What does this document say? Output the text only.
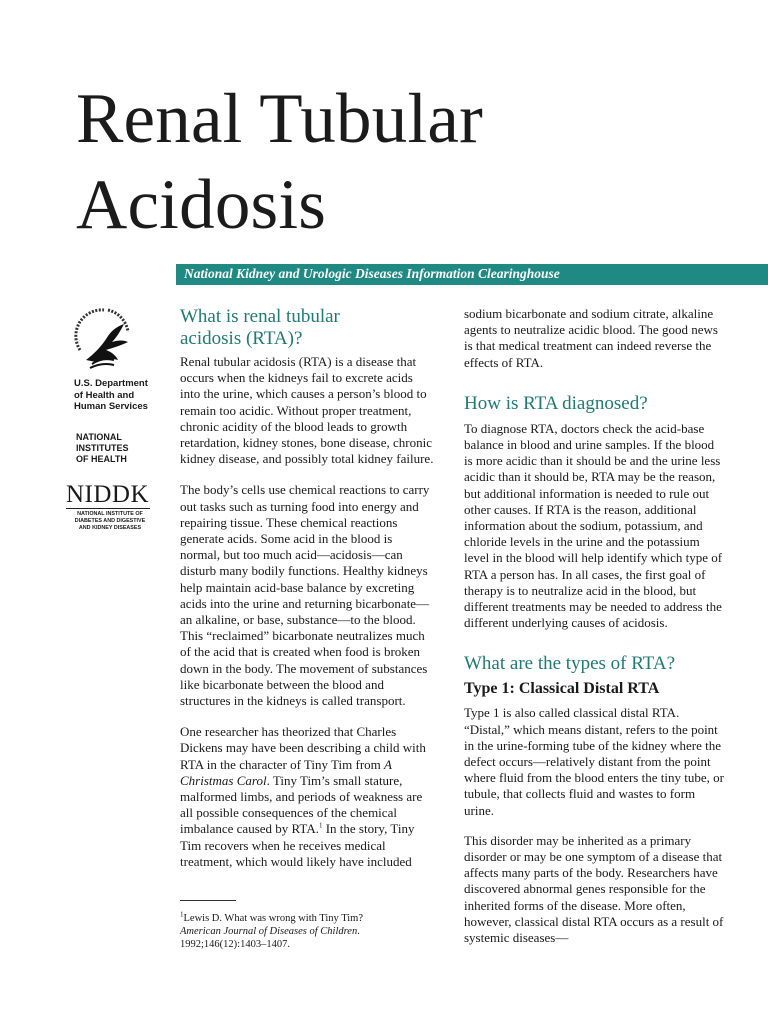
Renal Tubular
Acidosis
National Kidney and Urologic Diseases Information Clearinghouse
U.S. Department
of Health and
Human Services
NATIONAL
INSTITUTES
OF HEALTH
NIDDK
NATIONAL INSTITUTE OF
DIABETES AND DIGESTIVE
AND KIDNEY DISEASES
What is renal tubular acidosis (RTA)?

Renal tubular acidosis (RTA) is a disease that occurs when the kidneys fail to excrete acids into the urine, which causes a person’s blood to remain too acidic. Without proper treatment, chronic acidity of the blood leads to growth retardation, kidney stones, bone disease, chronic kidney disease, and possibly total kidney failure.

The body’s cells use chemical reactions to carry out tasks such as turning food into energy and repairing tissue. These chemical reactions generate acids. Some acid in the blood is normal, but too much acid—acidosis—can disturb many bodily functions. Healthy kidneys help maintain acid-base balance by excreting acids into the urine and returning bicarbonate—an alkaline, or base, substance—to the blood. This “reclaimed” bicarbonate neutralizes much of the acid that is created when food is broken down in the body. The movement of substances like bicarbonate between the blood and structures in the kidneys is called transport.

One researcher has theorized that Charles Dickens may have been describing a child with RTA in the character of Tiny Tim from A Christmas Carol. Tiny Tim’s small stature, malformed limbs, and periods of weakness are all possible consequences of the chemical imbalance caused by RTA.$^1$ In the story, Tiny Tim recovers when he receives medical treatment, which would likely have included

$^1$Lewis D. What was wrong with Tiny Tim?
American Journal of Diseases of Children.
1992;146(12):1403–1407.

sodium bicarbonate and sodium citrate, alkaline agents to neutralize acidic blood. The good news is that medical treatment can indeed reverse the effects of RTA.

How is RTA diagnosed?

To diagnose RTA, doctors check the acid-base balance in blood and urine samples. If the blood is more acidic than it should be and the urine less acidic than it should be, RTA may be the reason, but additional information is needed to rule out other causes. If RTA is the reason, additional information about the sodium, potassium, and chloride levels in the urine and the potassium level in the blood will help identify which type of RTA a person has. In all cases, the first goal of therapy is to neutralize acid in the blood, but different treatments may be needed to address the different underlying causes of acidosis.

What are the types of RTA?
Type 1: Classical Distal RTA

Type 1 is also called classical distal RTA. “Distal,” which means distant, refers to the point in the urine-forming tube of the kidney where the defect occurs—relatively distant from the point where fluid from the blood enters the tiny tube, or tubule, that collects fluid and wastes to form urine.

This disorder may be inherited as a primary disorder or may be one symptom of a disease that affects many parts of the body. Researchers have discovered abnormal genes responsible for the inherited forms of the disease. More often, however, classical distal RTA occurs as a result of systemic diseases—
